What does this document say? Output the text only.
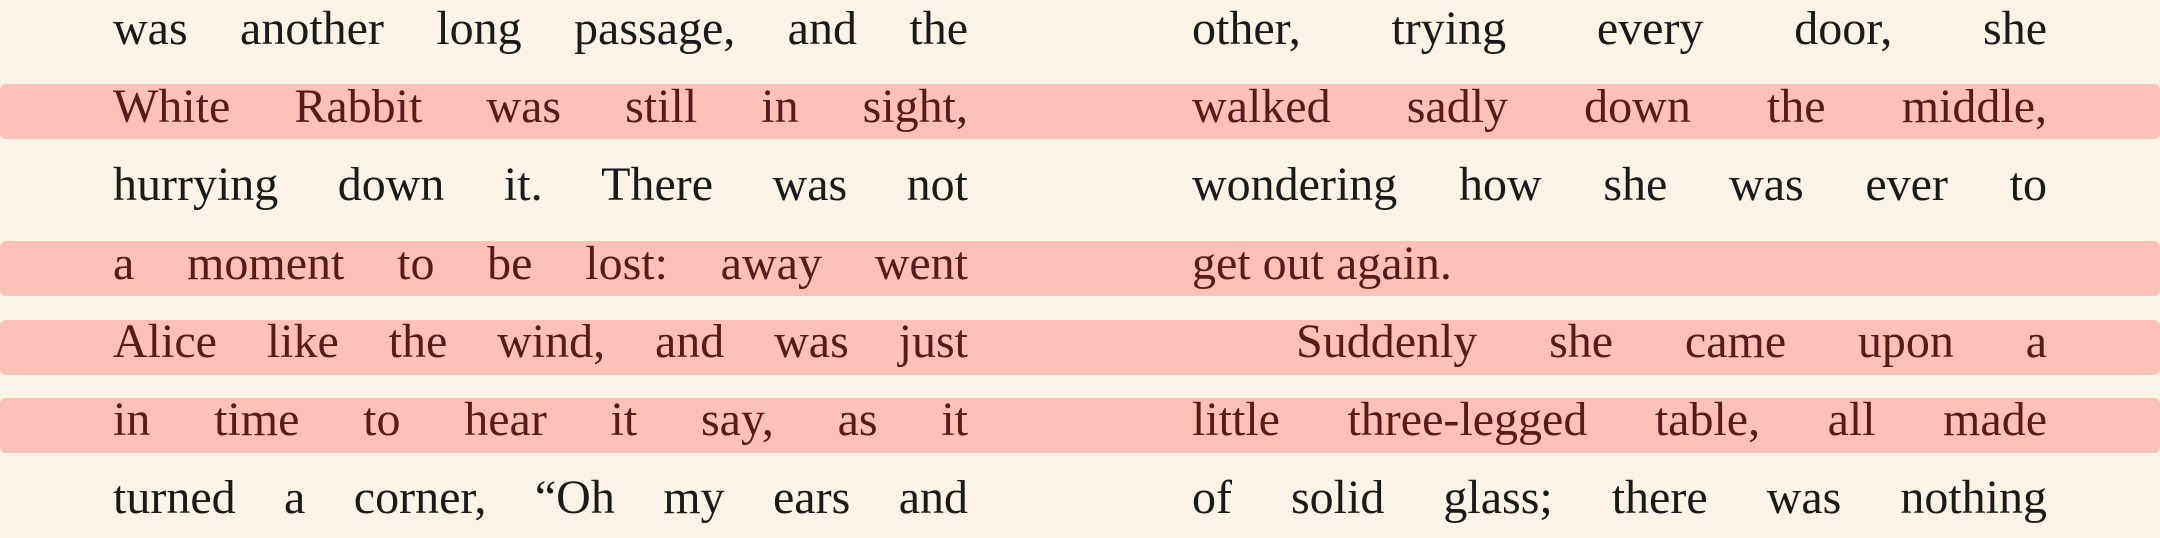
was another long passage, and the
White Rabbit was still in sight,
hurrying down it. There was not
a moment to be lost: away went
Alice like the wind, and was just
in time to hear it say, as it
turned a corner, “Oh my ears and
other, trying every door, she
walked sadly down the middle,
wondering how she was ever to
get out again.
Suddenly she came upon a
little three-legged table, all made
of solid glass; there was nothing
